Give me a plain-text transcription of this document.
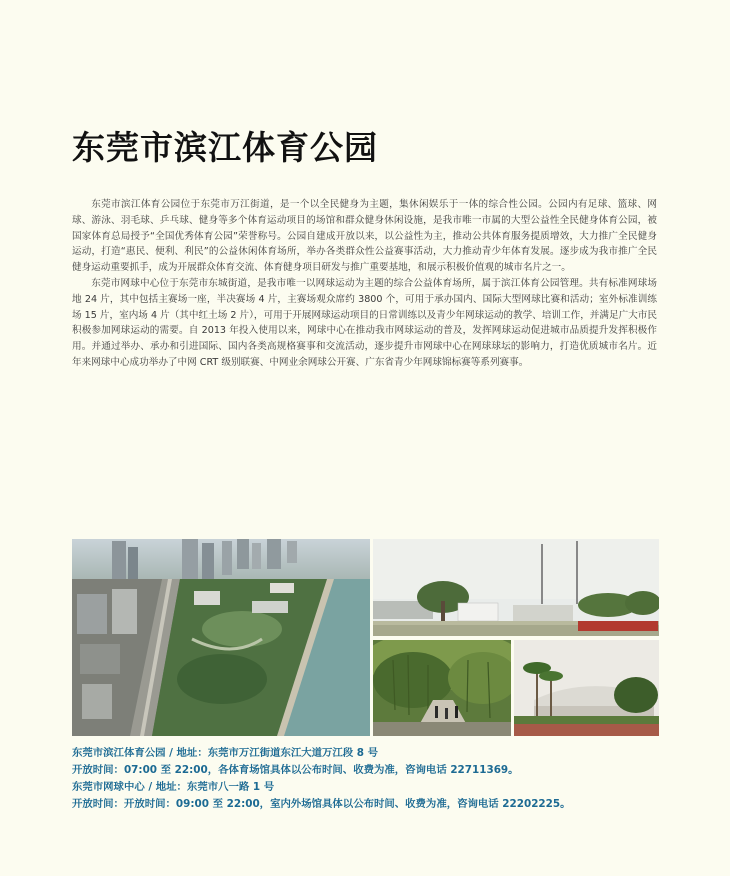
东莞市滨江体育公园

东莞市滨江体育公园位于东莞市万江街道，是一个以全民健身为主题，集休闲娱乐于一体的综合性公园。公园内有足球、篮球、网球、游泳、羽毛球、乒乓球、健身等多个体育运动项目的场馆和群众健身休闲设施，是我市唯一市属的大型公益性全民健身体育公园，被国家体育总局授予“全国优秀体育公园”荣誉称号。公园自建成开放以来，以公益性为主，推动公共体育服务提质增效，大力推广全民健身运动，打造“惠民、便利、利民”的公益休闲体育场所，举办各类群众性公益赛事活动，大力推动青少年体育发展。逐步成为我市推广全民健身运动重要抓手，成为开展群众体育交流、体育健身项目研发与推广重要基地，和展示积极价值观的城市名片之一。

东莞市网球中心位于东莞市东城街道，是我市唯一以网球运动为主题的综合公益体育场所，属于滨江体育公园管理。共有标准网球场地 24 片，其中包括主赛场一座，半决赛场 4 片，主赛场观众席约 3800 个，可用于承办国内、国际大型网球比赛和活动；室外标准训练场 15 片，室内场 4 片（其中红土场 2 片），可用于开展网球运动项目的日常训练以及青少年网球运动的教学、培训工作，并满足广大市民积极参加网球运动的需要。自 2013 年投入使用以来，网球中心在推动我市网球运动的普及，发挥网球运动促进城市品质提升发挥积极作用。并通过举办、承办和引进国际、国内各类高规格赛事和交流活动，逐步提升市网球中心在网球球坛的影响力，打造优质城市名片。近年来网球中心成功举办了中网 CRT 级别联赛、中网业余网球公开赛、广东省青少年网球锦标赛等系列赛事。

东莞市滨江体育公园 / 地址：东莞市万江街道东江大道万江段 8 号
开放时间：07:00 至 22:00，各体育场馆具体以公布时间、收费为准，咨询电话 22711369。
东莞市网球中心 / 地址：东莞市八一路 1 号
开放时间：开放时间：09:00 至 22:00，室内外场馆具体以公布时间、收费为准，咨询电话 22202225。
